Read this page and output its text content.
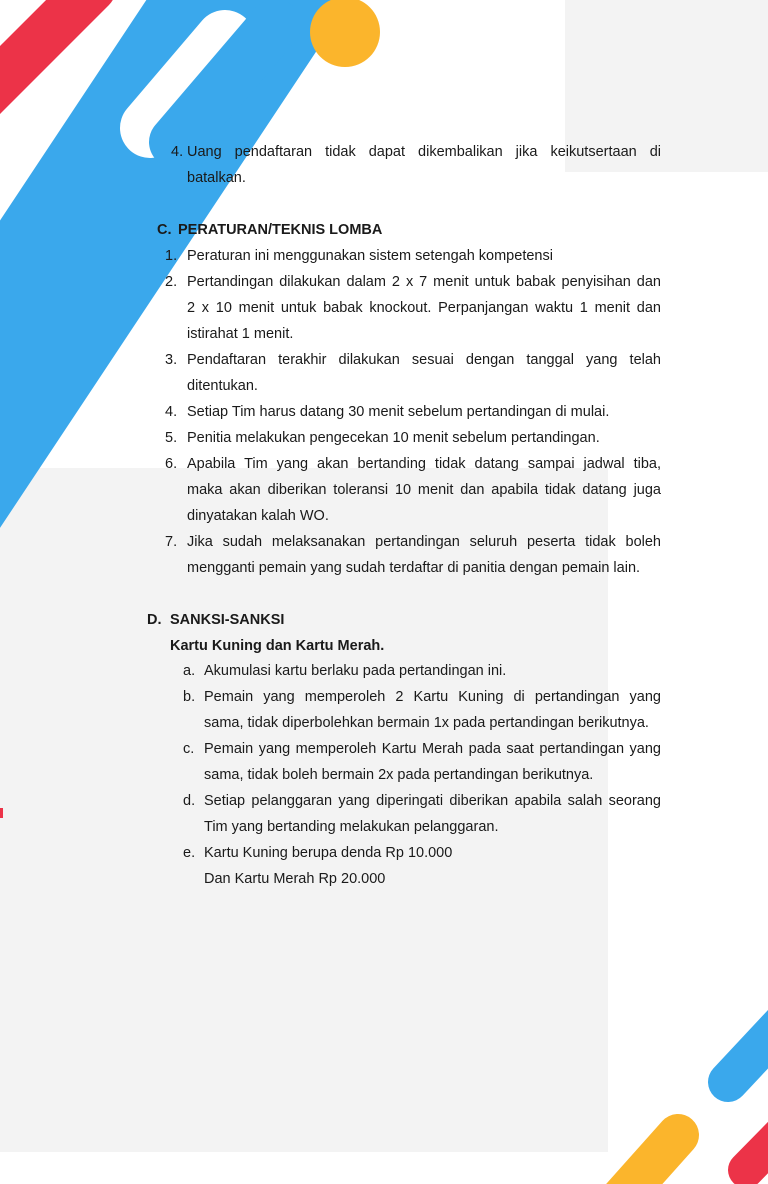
4. Uang pendaftaran tidak dapat dikembalikan jika keikutsertaan di
batalkan.
C. PERATURAN/TEKNIS LOMBA
1. Peraturan ini menggunakan sistem setengah kompetensi
2. Pertandingan dilakukan dalam 2 x 7 menit untuk babak penyisihan dan
2 x 10 menit untuk babak knockout. Perpanjangan waktu 1 menit dan
istirahat 1 menit.
3. Pendaftaran terakhir dilakukan sesuai dengan tanggal yang telah
ditentukan.
4. Setiap Tim harus datang 30 menit sebelum pertandingan di mulai.
5. Penitia melakukan pengecekan 10 menit sebelum pertandingan.
6. Apabila Tim yang akan bertanding tidak datang sampai jadwal tiba,
maka akan diberikan toleransi 10 menit dan apabila tidak datang juga
dinyatakan kalah WO.
7. Jika sudah melaksanakan pertandingan seluruh peserta tidak boleh
mengganti pemain yang sudah terdaftar di panitia dengan pemain lain.
D. SANKSI-SANKSI
Kartu Kuning dan Kartu Merah.
a. Akumulasi kartu berlaku pada pertandingan ini.
b. Pemain yang memperoleh 2 Kartu Kuning di pertandingan yang
sama, tidak diperbolehkan bermain 1x pada pertandingan berikutnya.
c. Pemain yang memperoleh Kartu Merah pada saat pertandingan yang
sama, tidak boleh bermain 2x pada pertandingan berikutnya.
d. Setiap pelanggaran yang diperingati diberikan apabila salah seorang
Tim yang bertanding melakukan pelanggaran.
e. Kartu Kuning berupa denda Rp 10.000
Dan Kartu Merah Rp 20.000
